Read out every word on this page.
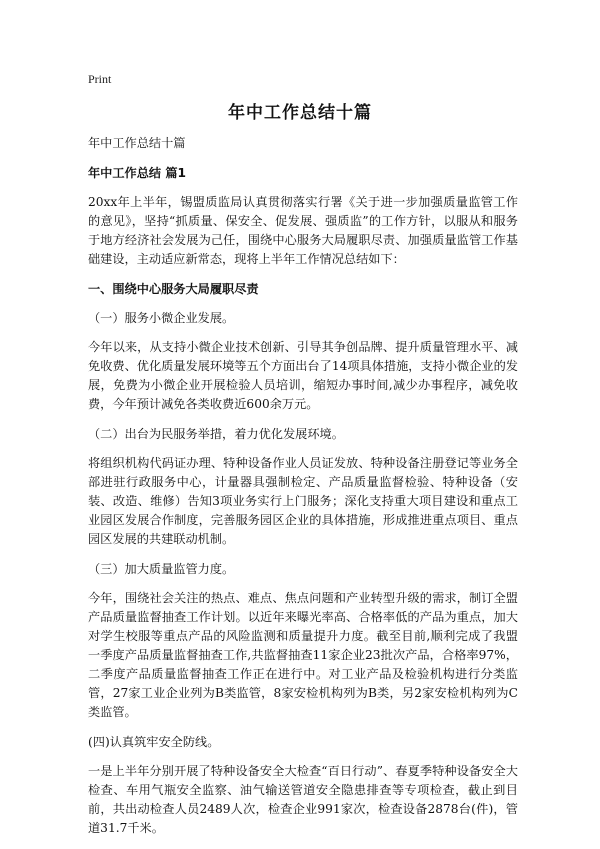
Print
年中工作总结十篇

年中工作总结十篇

年中工作总结 篇1

20xx年上半年，锡盟质监局认真贯彻落实行署《关于进一步加强质量监管工作的意见》，坚持“抓质量、保安全、促发展、强质监”的工作方针，以服从和服务于地方经济社会发展为己任，围绕中心服务大局履职尽责、加强质量监管工作基础建设，主动适应新常态，现将上半年工作情况总结如下：

一、围绕中心服务大局履职尽责

（一）服务小微企业发展。

今年以来，从支持小微企业技术创新、引导其争创品牌、提升质量管理水平、减免收费、优化质量发展环境等五个方面出台了14项具体措施，支持小微企业的发展，免费为小微企业开展检验人员培训，缩短办事时间,减少办事程序，减免收费，今年预计减免各类收费近600余万元。

（二）出台为民服务举措，着力优化发展环境。

将组织机构代码证办理、特种设备作业人员证发放、特种设备注册登记等业务全部进驻行政服务中心，计量器具强制检定、产品质量监督检验、特种设备（安装、改造、维修）告知3项业务实行上门服务；深化支持重大项目建设和重点工业园区发展合作制度，完善服务园区企业的具体措施，形成推进重点项目、重点园区发展的共建联动机制。

（三）加大质量监管力度。

今年，围绕社会关注的热点、难点、焦点问题和产业转型升级的需求，制订全盟产品质量监督抽查工作计划。以近年来曝光率高、合格率低的产品为重点，加大对学生校服等重点产品的风险监测和质量提升力度。截至目前,顺利完成了我盟一季度产品质量监督抽查工作,共监督抽查11家企业23批次产品，合格率97%，二季度产品质量监督抽查工作正在进行中。对工业产品及检验机构进行分类监管，27家工业企业列为B类监管，8家安检机构列为B类，另2家安检机构列为C类监管。

(四)认真筑牢安全防线。

一是上半年分别开展了特种设备安全大检查“百日行动”、春夏季特种设备安全大检查、车用气瓶安全监察、油气输送管道安全隐患排查等专项检查，截止到目前，共出动检查人员2489人次，检查企业991家次，检查设备2878台(件)，管道31.7千米。
